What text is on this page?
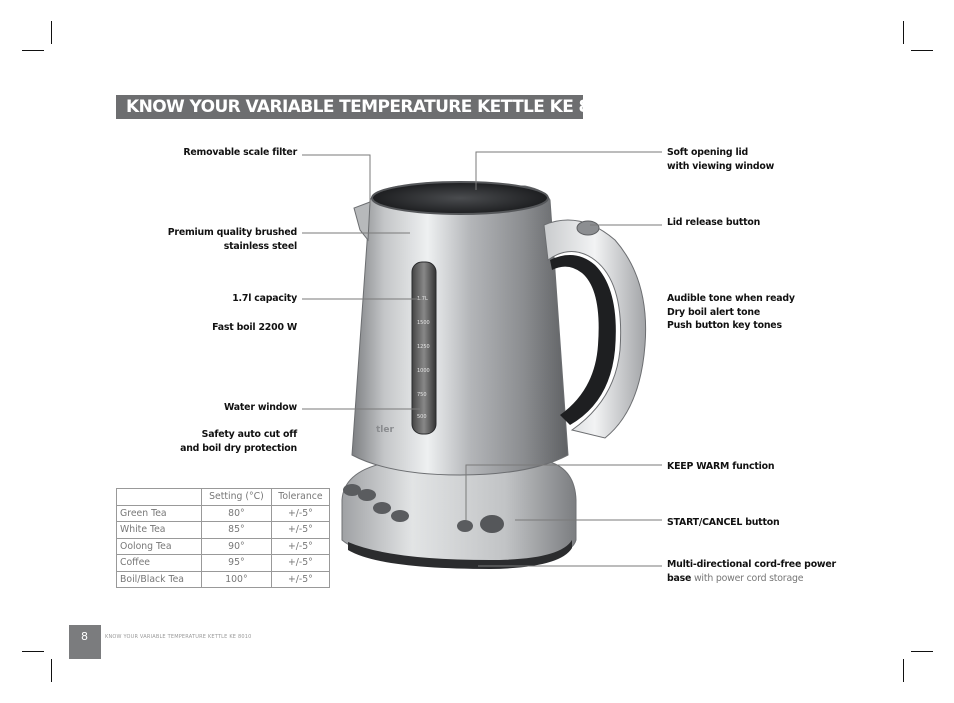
KNOW YOUR VARIABLE TEMPERATURE KETTLE KE 8010
1.7L
1500
1250
1000
750
500
tler
Removable scale filter
Premium quality brushed
stainless steel
1.7l capacity
Fast boil 2200 W
Water window
Safety auto cut off
and boil dry protection
Soft opening lid
with viewing window
Lid release button
Audible tone when ready
Dry boil alert tone
Push button key tones
KEEP WARM function
START/CANCEL button
Multi-directional cord-free power
base with power cord storage
	Setting (°C)	Tolerance
Green Tea	80°	+/-5°
White Tea	85°	+/-5°
Oolong Tea	90°	+/-5°
Coffee	95°	+/-5°
Boil/Black Tea	100°	+/-5°
8	KNOW YOUR VARIABLE TEMPERATURE KETTLE KE 8010
